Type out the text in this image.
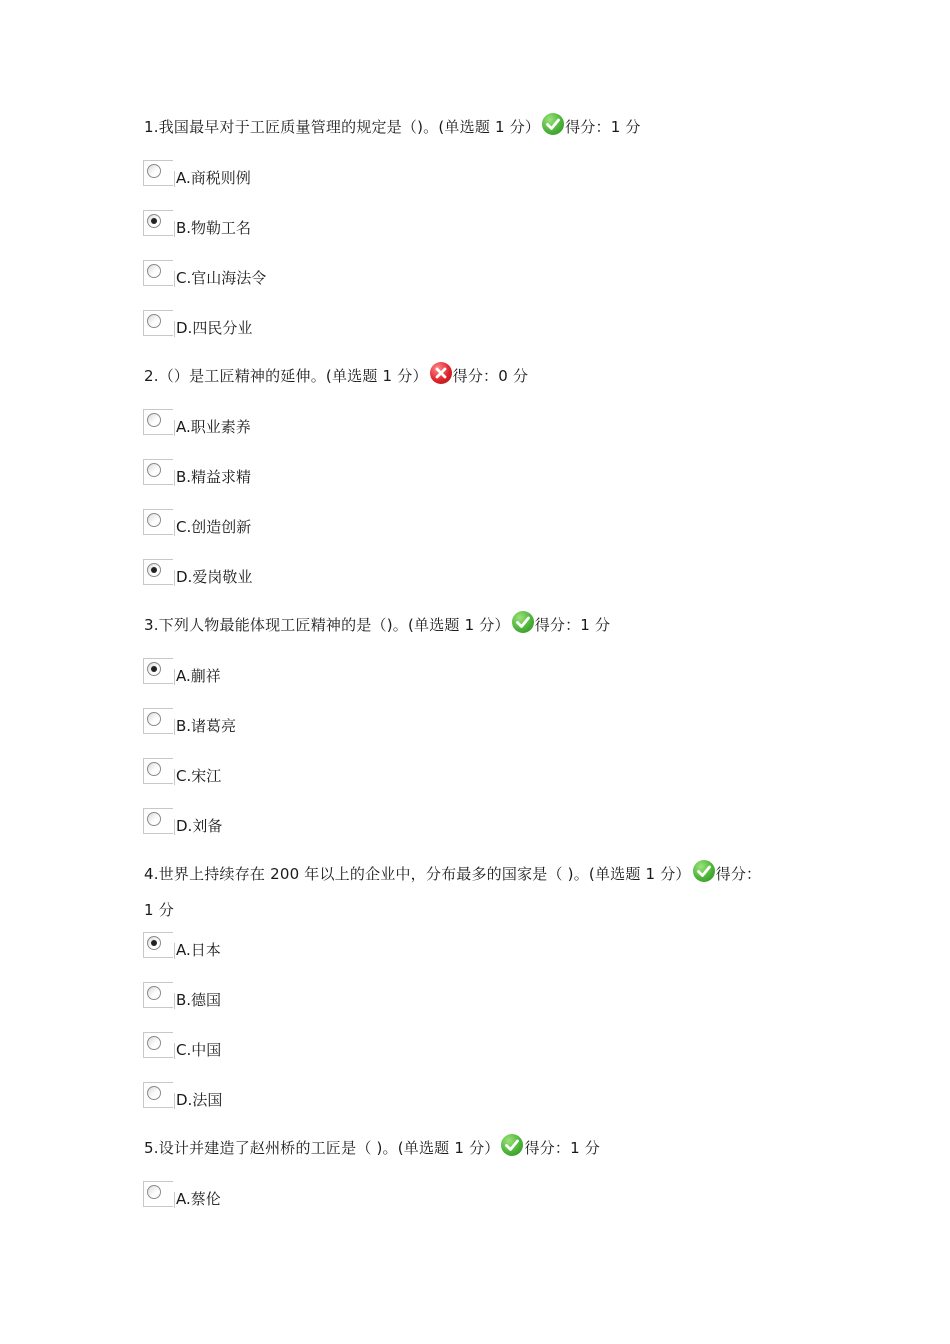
1.我国最早对于工匠质量管理的规定是（)。(单选题 1 分） 得分：1 分
A.商税则例
B.物勒工名
C.官山海法令
D.四民分业
2.（）是工匠精神的延伸。(单选题 1 分） 得分：0 分
A.职业素养
B.精益求精
C.创造创新
D.爱岗敬业
3.下列人物最能体现工匠精神的是（)。(单选题 1 分） 得分：1 分
A.蒯祥
B.诸葛亮
C.宋江
D.刘备
4.世界上持续存在 200 年以上的企业中，分布最多的国家是（ )。(单选题 1 分） 得分：
1 分
A.日本
B.德国
C.中国
D.法国
5.设计并建造了赵州桥的工匠是（ )。(单选题 1 分） 得分：1 分
A.蔡伦
